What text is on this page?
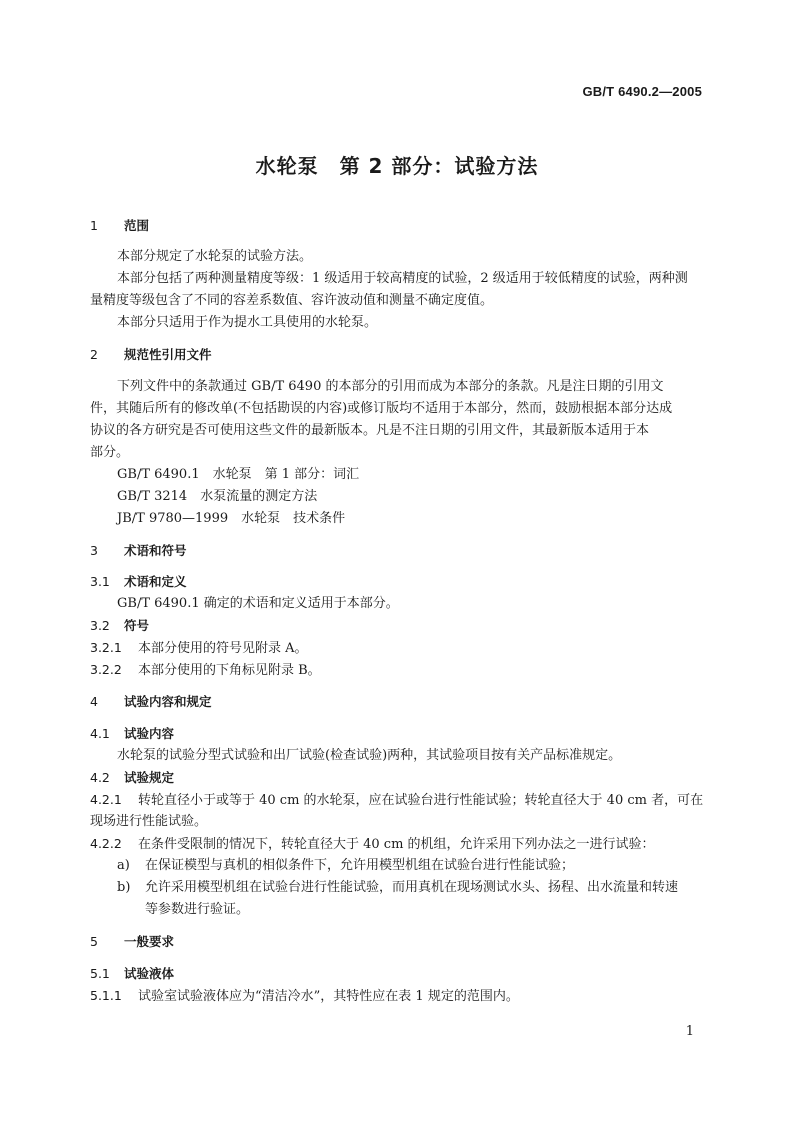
GB/T 6490.2—2005
水轮泵　第 2 部分：试验方法
1 范围
本部分规定了水轮泵的试验方法。
本部分包括了两种测量精度等级：1 级适用于较高精度的试验，2 级适用于较低精度的试验，两种测
量精度等级包含了不同的容差系数值、容许波动值和测量不确定度值。
本部分只适用于作为提水工具使用的水轮泵。
2 规范性引用文件
下列文件中的条款通过 GB/T 6490 的本部分的引用而成为本部分的条款。凡是注日期的引用文
件，其随后所有的修改单(不包括勘误的内容)或修订版均不适用于本部分，然而，鼓励根据本部分达成
协议的各方研究是否可使用这些文件的最新版本。凡是不注日期的引用文件，其最新版本适用于本
部分。
GB/T 6490.1　水轮泵　第 1 部分：词汇
GB/T 3214　水泵流量的测定方法
JB/T 9780—1999　水轮泵　技术条件
3 术语和符号
3.1 术语和定义
GB/T 6490.1 确定的术语和定义适用于本部分。
3.2 符号
3.2.1 本部分使用的符号见附录 A。
3.2.2 本部分使用的下角标见附录 B。
4 试验内容和规定
4.1 试验内容
水轮泵的试验分型式试验和出厂试验(检查试验)两种，其试验项目按有关产品标准规定。
4.2 试验规定
4.2.1 转轮直径小于或等于 40 cm 的水轮泵，应在试验台进行性能试验；转轮直径大于 40 cm 者，可在
现场进行性能试验。
4.2.2 在条件受限制的情况下，转轮直径大于 40 cm 的机组，允许采用下列办法之一进行试验：
a) 在保证模型与真机的相似条件下，允许用模型机组在试验台进行性能试验；
b) 允许采用模型机组在试验台进行性能试验，而用真机在现场测试水头、扬程、出水流量和转速
等参数进行验证。
5 一般要求
5.1 试验液体
5.1.1 试验室试验液体应为“清洁冷水”，其特性应在表 1 规定的范围内。
1
